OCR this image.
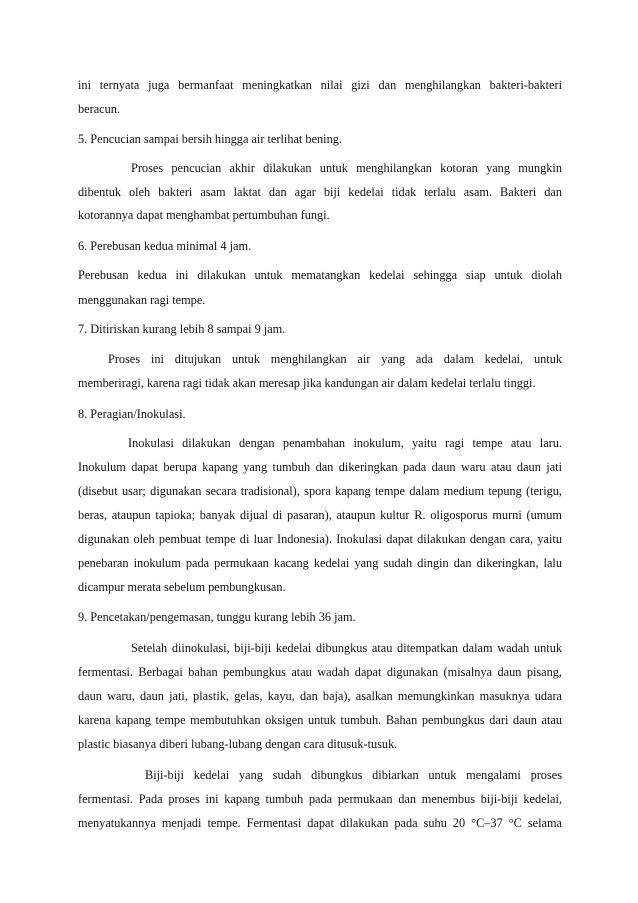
ini ternyata juga bermanfaat meningkatkan nilai gizi dan menghilangkan bakteri-bakteri
beracun.
5. Pencucian sampai bersih hingga air terlihat bening.
Proses pencucian akhir dilakukan untuk menghilangkan kotoran yang mungkin
dibentuk oleh bakteri asam laktat dan agar biji kedelai tidak terlalu asam. Bakteri dan
kotorannya dapat menghambat pertumbuhan fungi.
6. Perebusan kedua minimal 4 jam.
Perebusan kedua ini dilakukan untuk mematangkan kedelai sehingga siap untuk diolah
menggunakan ragi tempe.
7. Ditiriskan kurang lebih 8 sampai 9 jam.
Proses ini ditujukan untuk menghilangkan air yang ada dalam kedelai, untuk
memberiragi, karena ragi tidak akan meresap jika kandungan air dalam kedelai terlalu tinggi.
8. Peragian/Inokulasi.
Inokulasi dilakukan dengan penambahan inokulum, yaitu ragi tempe atau laru.
Inokulum dapat berupa kapang yang tumbuh dan dikeringkan pada daun waru atau daun jati
(disebut usar; digunakan secara tradisional), spora kapang tempe dalam medium tepung (terigu,
beras, ataupun tapioka; banyak dijual di pasaran), ataupun kultur R. oligosporus murni (umum
digunakan oleh pembuat tempe di luar Indonesia). Inokulasi dapat dilakukan dengan cara, yaitu
penebaran inokulum pada permukaan kacang kedelai yang sudah dingin dan dikeringkan, lalu
dicampur merata sebelum pembungkusan.
9. Pencetakan/pengemasan, tunggu kurang lebih 36 jam.
Setelah diinokulasi, biji-biji kedelai dibungkus atau ditempatkan dalam wadah untuk
fermentasi. Berbagai bahan pembungkus atau wadah dapat digunakan (misalnya daun pisang,
daun waru, daun jati, plastik, gelas, kayu, dan baja), asalkan memungkinkan masuknya udara
karena kapang tempe membutuhkan oksigen untuk tumbuh. Bahan pembungkus dari daun atau
plastic biasanya diberi lubang-lubang dengan cara ditusuk-tusuk.
Biji-biji kedelai yang sudah dibungkus dibiarkan untuk mengalami proses
fermentasi. Pada proses ini kapang tumbuh pada permukaan dan menembus biji-biji kedelai,
menyatukannya menjadi tempe. Fermentasi dapat dilakukan pada suhu 20 °C–37 °C selama
